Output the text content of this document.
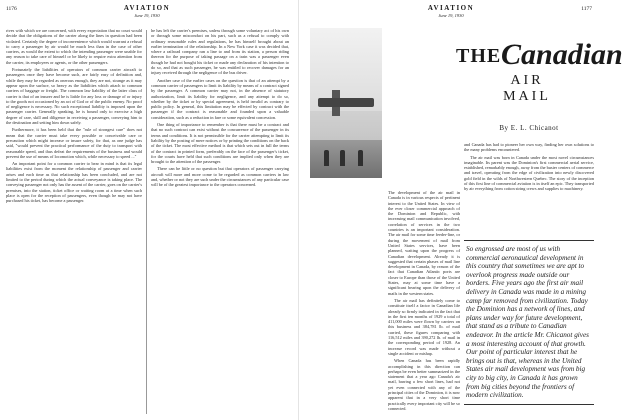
1176	AVIATION
June 19, 1930

rives with which we are concerned, with every expectation that no court would decide that the obligations of the carrier along the lines in question had been violated. Certainly the degree of inconvenience which would warrant a refusal to carry a passenger by air would be much less than in the case of other carriers, as would the extent to which the intending passenger were unable for any reason to take care of himself or be likely to require extra attention from the carrier, its employees or agents, or the other passengers.

Fortunately the liabilities of operators of common carrier aircraft to passengers once they have become such, are fairly easy of definition and, while they may be regarded as onerous enough, they are not, strange as it may appear upon the surface, so heavy as the liabilities which attach to common carriers of baggage or freight. The common law liability of the latter class of carrier is that of an insurer and he is liable for any loss or damage of or injury to the goods not occasioned by an act of God or of the public enemy. No proof of negligence is necessary. No such exceptional liability is imposed upon the passenger carrier. Generally speaking, he is bound only to exercise a high degree of care, skill and diligence in receiving a passenger, conveying him to the destination and setting him down safely.

Furthermore, it has been held that the "rule of strongest care" does not mean that the carrier must take every possible or conceivable care or precaution which might increase or insure safety, for that, as one judge has said, "would prevent the practical performance of the duty to transport with reasonable speed, and thus defeat the requirements of the business and would prevent the use of means of locomotion which, while necessary to speed ..."

An important point for a common carrier to bear in mind is that its legal liabilities exist from the moment the relationship of passenger and carrier arises and each time as that relationship has been concluded, and are not limited to the period during which the actual conveyance is taking place. The conveying passenger not only has the assent of the carrier, goes on the carrier's premises, into the station, ticket office or waiting room at a time when such place is open for the reception of passengers, even though he may not have purchased his ticket, has become a passenger.

he has left the carrier's premises, unless through some voluntary act of his own or through some misconduct on his part, such as a refusal to comply with ordinary reasonable rules and regulations, he has himself brought about an earlier termination of the relationship. In a New York case it was decided that, where a railroad company ran a line to and from its station, a person riding thereon for the purpose of taking passage on a train was a passenger even though he had not bought his ticket or made any declaration of his intention to do so, and that as such passenger, he was entitled to recover damages for an injury received through the negligence of the bus driver.

Another case of the earlier cases on the question is that of an attempt by a common carrier of passengers to limit its liability by means of a contract signed by the passenger. A common carrier may not, in the absence of statutory authorization, limit its liability for negligence, and any attempt to do so, whether by the ticket or by special agreement, is held invalid as contrary to public policy. In general, this limitation may be effected by contract with the passenger if the contract is reasonable and founded upon a valuable consideration, such as a reduction in fare or some equivalent concession.

One thing of importance to remember is that there must be a contract and that no such contract can exist without the concurrence of the passenger in its terms and conditions. It is not permissible for the carrier attempting to limit its liability by the posting of mere notices or by printing the conditions on the back of the ticket. The most effective method is that which sets out in full the terms of the contract in printed form, preferably on the face of the passenger's ticket, for the courts have held that such conditions are implied only when they are brought to the attention of the passenger.

There can be little or no question but that operators of passenger carrying aircraft will more and more come to be regarded as common carriers in law and, whether or not they are such under the circumstances of any particular case will be of the greatest importance to the operators concerned.

AVIATION
June 19, 1930
1177
THE Canadian
AIR MAIL
By E. L. Chicanot

The development of the air mail in Canada is in various respects of pertinent interest to the United States. In view of the ever closer commercial approach of the Dominion and Republic, with increasing mail communication involved, correlation of services in the two countries is an important consideration. The air mail for some time feeder-line, or during the movement of mail from United States services, have been planned, waiting upon the progress of Canadian development. Already it is suggested that certain phases of mail line development in Canada, by reason of the fact that Canadian Atlantic ports are closer to Europe than those of the United States, may at some time have a significant bearing upon the delivery of mails in the western states.

The air mail has definitely come to constitute itself a factor in Canadian life already so firmly indicated in the fact that in the first ten months of 1929 a total of 411,000 miles were flown by carriers on this business and 384,781 lb. of mail carried, these figures comparing with 116,512 miles and 390,272 lb. of mail in the corresponding period of 1928. An increase record was made without a single accident or mishap.

When Canada has been rapidly accomplishing in this direction can perhaps be even better summarized in the statement that a year ago Canada's air mail, barring a few short lines, had not yet even connected with any of the principal cities of the Dominion, it is now apparent that in a very short time practically every important city will be so connected.

and Canada has had to pioneer her own way, finding her own solutions to the many problems encountered.

The air mail was born in Canada under the most novel circumstances imaginable. Its parent was the Dominion's first commercial aerial service, established, remarkably enough, away from the busier centers of commerce and travel, operating from the edge of civilization into newly discovered gold field in the wilds of Northwestern Quebec. The story of the inception of this first line of commercial aviation is in itself an epic. They transported by air everything from cotton string crews and supplies to machinery.

So engrossed are most of us with commercial aeronautical development in this country that sometimes we are apt to overlook progress made outside our borders. Five years ago the first air mail delivery in Canada was made in a mining camp far removed from civilization. Today the Dominion has a network of lines, and plans under way for future development, that stand as a tribute to Canadian endeavor. In the article Mr. Chicanot gives a most interesting account of that growth. Our point of particular interest that he brings out is that, whereas in the United States air mail development was from big city to big city, in Canada it has grown from big cities beyond the frontiers of modern civilization.
